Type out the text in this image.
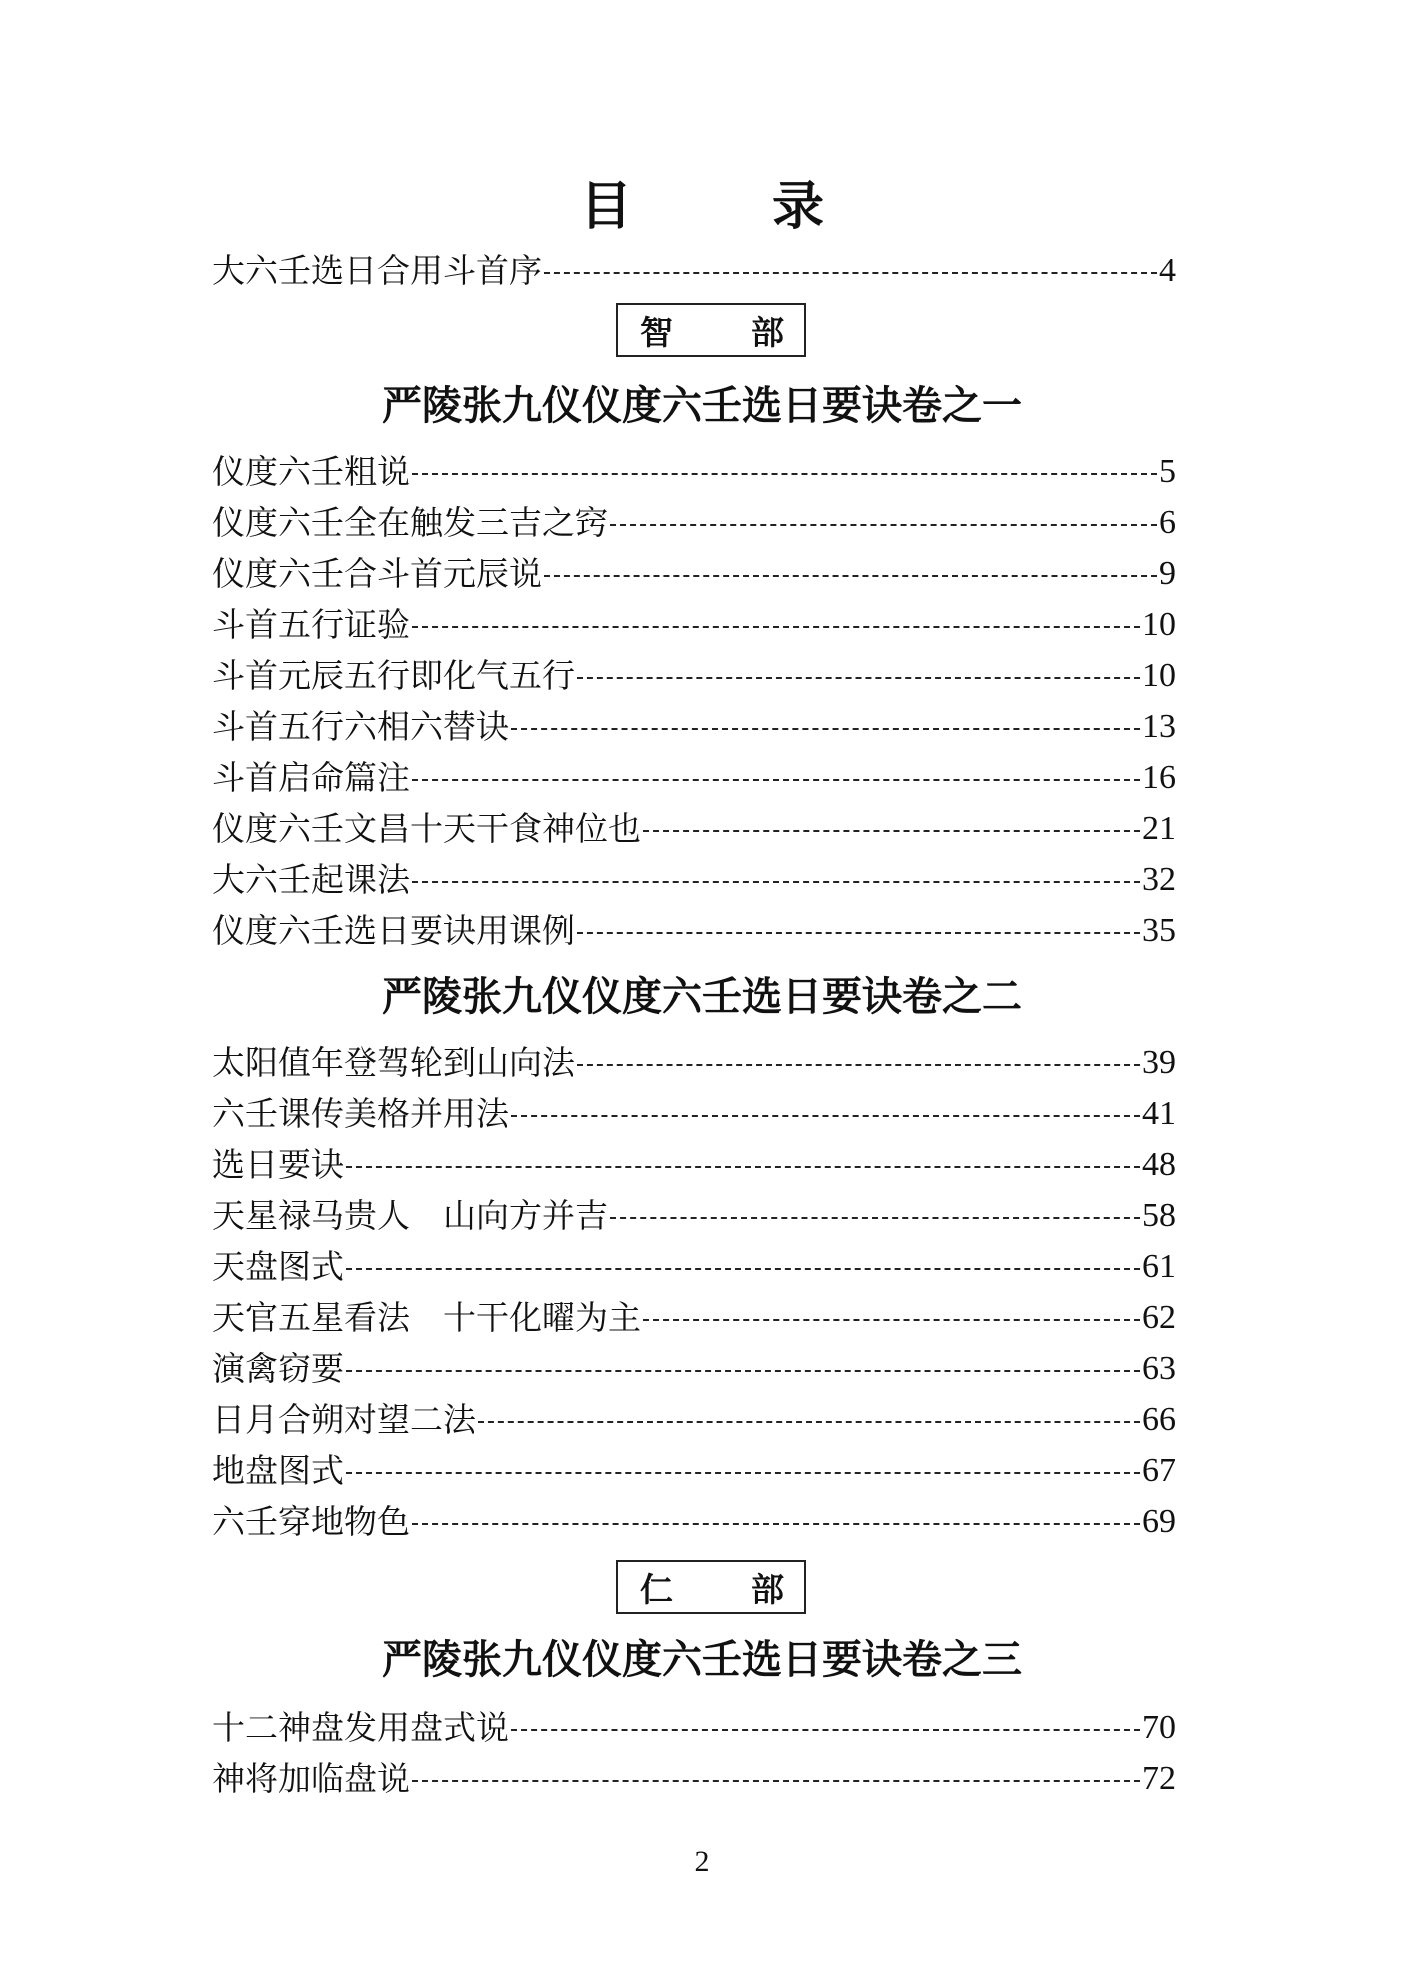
目　录
大六壬选日合用斗首序	4
智 部
严陵张九仪仪度六壬选日要诀卷之一
仪度六壬粗说	5
仪度六壬全在触发三吉之窍	6
仪度六壬合斗首元辰说	9
斗首五行证验	10
斗首元辰五行即化气五行	10
斗首五行六相六替诀	13
斗首启命篇注	16
仪度六壬文昌十天干食神位也	21
大六壬起课法	32
仪度六壬选日要诀用课例	35
严陵张九仪仪度六壬选日要诀卷之二
太阳值年登驾轮到山向法	39
六壬课传美格并用法	41
选日要诀	48
天星禄马贵人　山向方并吉	58
天盘图式	61
天官五星看法　十干化曜为主	62
演禽窃要	63
日月合朔对望二法	66
地盘图式	67
六壬穿地物色	69
仁 部
严陵张九仪仪度六壬选日要诀卷之三
十二神盘发用盘式说	70
神将加临盘说	72
2
